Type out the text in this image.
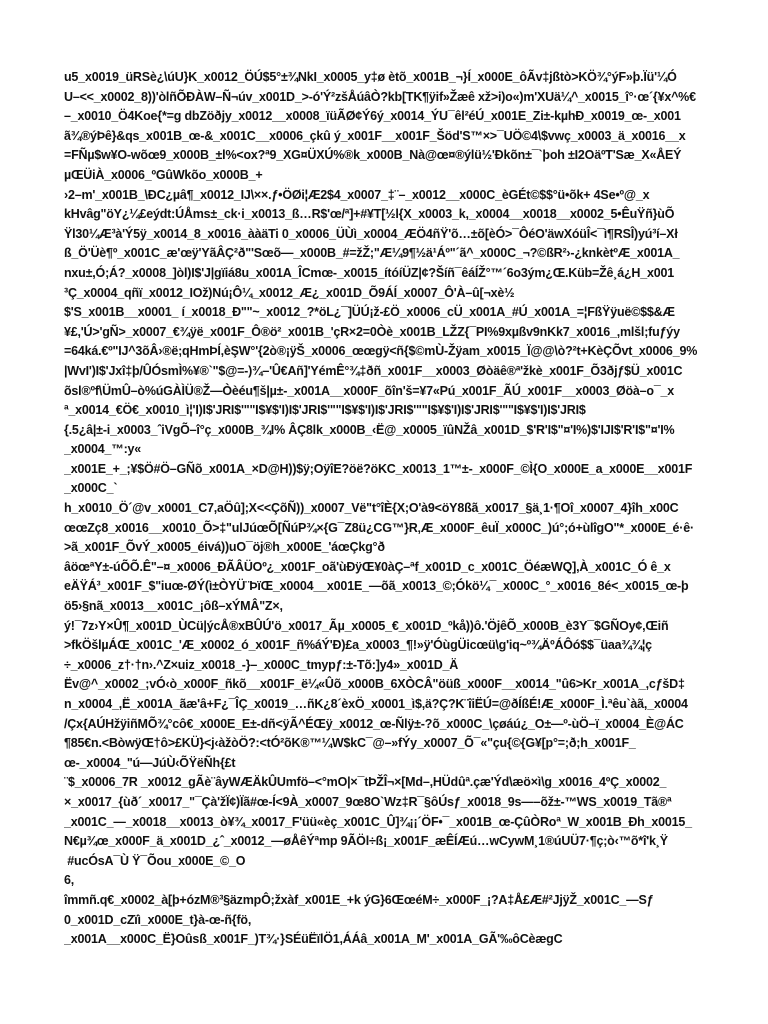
u5_x0019_üRSè¿\úU}K_x0012_ÖÚ$5°±¾NkI_x0005_y‡ø ètõ_x001B_¬}Í_x000E_ôÃv‡jßtò>KÖ¾°ýF»þ.Ïü'¼Ó
U–<<_x0002_8))'òlñÕÐÀW–Ñ¬úv_x001D_>-ó'Ý²zšÅúâÒ?kb[TK¶ÿif»Žæê xž>i)o«)m'XUä¼^_x0015_î°·œ´{¥x^%€
–_x0010_Ö4Koe{*=g dbZöðjy_x0012__x0008_ïüÃØ¢Ý6ý_x0014_ÝU¯êl²éÚ_x001E_Zi±-kµhÐ_x0019_œ-_x001
ã¾®ýÞê}&qs_x001B_œ-&_x001C__x0006_çkû ý_x001F__x001F_Šöd'S™×>¯UÖ©4\$vwç_x0003_ä_x0016__x
=FÑµ$w¥O-wõœ9_x000B_±l%<ox?ª9_XG¤ÜXÚ%®k_x000B_Nà@œ¤®ýlü½'Ðkõn±¯`þoh ±I2OäºT'Sæ_X«ÅEÝ
µŒÜiÀ_x0006_ºGûWkõo_x000B_+
›2–m'_x001B_\ÐC¿µâ¶_x0012_IJ\××.ƒ•ÖØi¦Æ2$4_x0007_‡¨–_x0012__x000C_èGÉt©$$°ü•õk+ 4Se•º@_x
kHvâg"öY¿¼£eýdt:ÚÅms±_ck·i_x0013_ß…R$'œ/ª]+#¥T[½l{X_x0003_k,_x0004__x0018__x0002_5•ÊuŸñ}ùÕ
Ÿl30¼Æ³à'Ý5ÿ_x0014_8_x0016_ààäTi 0_x0006_ÜÙì_x0004_ÆÖ4ñŸ'õ…±õ[èÓ>¯ÔéO'äwXóüÎ<¯ì¶RSÎ)yú³í–Xł
ß_Ö'Üè¶º_x001C_æ'œÿ'YãÂÇ²ð"'Sœõ—_x000B_#=žŽ;"Æ¼9¶½ä¹Áº"´ã^_x000C_¬?©ßR²›-¿knkètºÆ_x001A_
nxu±,Ó;Á?_x0008_]òl)I$'J|gïiá8u_x001A_ÎCmœ-_x0015_ítóíÜZ|¢?Šíñ¯êáÍŽ°™´6o3ým¿Œ.Küb=Žê¸á¿H_x001
³Ç_x0004_qñï_x0012_IOž)Nú¡Ô¼_x0012_Æ¿_x001D_Õ9ÁÍ_x0007_Ô'À–û[¬xè½
$'S_x001B__x0001_ í_x0018_Ð""~_x0012_?*öL¿¯]ÜÚ¡ž-£Ö_x0006_cÜ_x001A_#Ú_x001A_=¦FßŸÿuë©$$&Æ
¥£,'Ú>'gÑ>_x0007_€¾ÿë_x001F_Ô®ö²_x001B_'çR×2=0Òè_x001B_LŽZ{¯PI%9xµßv9nKk7_x0016_,mlšl;fuƒýy
=64ká.€º"IJ^3õÂ›®ë;qHmÞÍ,èŞW°'{2ò®¡ÿŠ_x0006_œœgÿ<ñ{$©mÙ-Žÿam_x0015_Ï@@\ò?²t+KèÇÕvt_x0006_9%
|WvI')I$'Jxî‡þ/ÛÓsmÌ%¥®`"$@=-)¾–'Û€Añ]'YémÊ°¾‡ðñ_x001F__x0003_Øòäê®ª'žkè_x001F_Õ3ðjƒ$Ü_x001C
õsl®ºf\ÜmÛ–ò%úGÀÌÜ®Ž—Òèéu¶š|µ±-_x001A__x000F_õîn'š=¥7«Pú_x001F_ÃÚ_x001F__x0003_Øöà–o¯_x
ª_x0014_€Ö€_x0010_ì¦'I)I$'JRI$'""I$¥$'I)I$'JRI$'""I$¥$'I)I$'JRI$'""I$¥$'I)I$'JRI$'""I$¥$'I)I$'JRI$
{.5¿â|±-i_x0003_ˆiVgÕ–î°ç_x000B_¾I% ÂÇ8lk_x000B_‹Ë@_x0005_ïûNŽâ_x001D_$'R'I$"¤'I%)$'IJI$'R'I$"¤'I%
_x0004_™:y«
_x001E_+_;¥$Ö#Ö–GÑõ_x001A_×D@H))$ÿ;OÿîE?öë?öKC_x0013_1™±-_x000F_©Ì{O_x000E_a_x000E__x001F
_x000C_`
h_x0010_Ö´@v_x0001_C7,aÖû];X<<ÇõÑ))_x0007_Vë"t°îÈ{X;O'à9<öY8ßã_x0017_§ä¸1·¶Oî_x0007_4}îh_x00C
œœZç8_x0016__x0010_Õ>‡"ulJúœÕ[ÑúP¾×{G¯Z8ü¿CG™}R‚Æ_x000F_êuÏ_x000C_)ú°;ó+ùlîgO"*_x000E_é·ê·
>ã_x001F_ÕvÝ_x0005_éivá))uO¯öj®h_x000E_'áœÇkg°ð
âöœªY±-úÕÕ.Ê"–¤_x0006_ÐÃÂÜOº¿_x001F_oã'ùÐÿŒ¥0àÇ–ªf_x001D_c_x001C_ÖéæWQ],À_x001C_Ó ê_x
eÄŸÁ³_x001F_$"iuœ-ØÝ(ì±ÒYÜ¨ÞïŒ_x0004__x001E_—õã_x0013_©;Ókö¼¯_x000C_°_x0016_8é<_x0015_œ-þ
ö5›§nã_x0013__x001C_¡ôß–xÝMÂ"Z×,
ý!¯7z›Y×Û¶_x001D_ÙCü|ýcÅ®xBÛÚ'ö_x0017_Ãµ_x0005_€_x001D_ºkå))ô.'ÖjêÕ_x000B_è3Y¯$GÑOy¢,Œiñ
>fkÖšlµÁŒ_x001C_'Æ_x0002_ó_x001F_ñ%áÝ'Ð)£a_x0003_¶!»ÿ'ÓùgÜicœü\g'iq~º¾ÄºÁÔó$$¯üaa¾¾¦ç
÷_x0006_z†·†n›.^Z×uiz_x0018_-}–_x000C_tmypƒ:±-Tõ:]y4»_x001D_Ä
Ëv@^_x0002_;vÓ‹ò_x000F_ñkõ__x001F_ë¼«Ûõ_x000B_6XÒCÂ"öüß_x000F__x0014_"û6>Kr_x001A_,cƒšD‡
n_x0004_,Ë_x001A_ãæ'â+F¿¯ÎÇ_x0019_…ñK¿8´èxÖ_x0001_ì$,ä?Ç?K¨îiËÚ=@ðÍßÉ!Æ_x000F_Ì.ªêu`àã,_x0004
/Çx{AÚHžÿiñMÕ¾°cô€_x000E_E±-dñ<ÿÃ^ÉŒÿ_x0012_œ-Ñlÿ±-?õ_x000C_\çøáú¿_O±—º-ùÖ–ï_x0004_È@ÁC
¶85€n.<BòwÿŒ†ô>£KÜ}<j‹àžòÖ?:<tÓ²õK®™¼W$kC¯@–»fÝy_x0007_Õ¯«"çu{©{G¥[p°=;ð;h_x001F_
œ-_x0004_"ú—JúÙ‹ÕŸëÑh{£t
¨$_x0006_7R _x0012_gÃè¨âyWÆÄkÛUmfö–<°mO|×¯tÞŽÎ¬×[Md–,HÜdûª.çæ'Ýd\æö×ì\g_x0016_4ºÇ_x0002_
×_x0017_{ùð´_x0017_"¯Çà'žÏ¢)Ïã#œ-Í<9À_x0007_9œ8O`Wz‡R¯§ôÚsƒ_x0018_9s—–õž±-™WS_x0019_Tã®ª
_x001C_—_x0018__x0013_ò¥¾_x0017_F'üü«èç_x001C_Û]¾¡¡´ÖF•¯_x001B_œ-ÇûÒRoª_W_x001B_Ðh_x0015_
N€µ¾œ_x000F_ä_x001D_¿ˆ_x0012_—øÅêÝªmp 9ÃÖl÷ß¡_x001F_æÊÍÆú…wCywM¸1®úUÜ7·¶ç;ò‹™õ*î'k¸Ÿ
#ucÓsA¯Ù Ÿ¯Õou_x000E_©_O
6,
îmmñ.q€_x0002_à[þ+ózM®³§äzmpÔ;žxàf_x001E_+k ýG}6ŒœéM÷_x000F_¡?A‡Å£Æ#²JjÿŽ_x001C_—Sƒ
0_x001D_cZïì_x000E_t}à-œ-ñ{fö,
_x001A__x000C_Ë}Oûsß_x001F_)T¾·}SÉüËïlÖ1,ÁÁâ_x001A_M'_x001A_GÃ'‰ôCèægC
